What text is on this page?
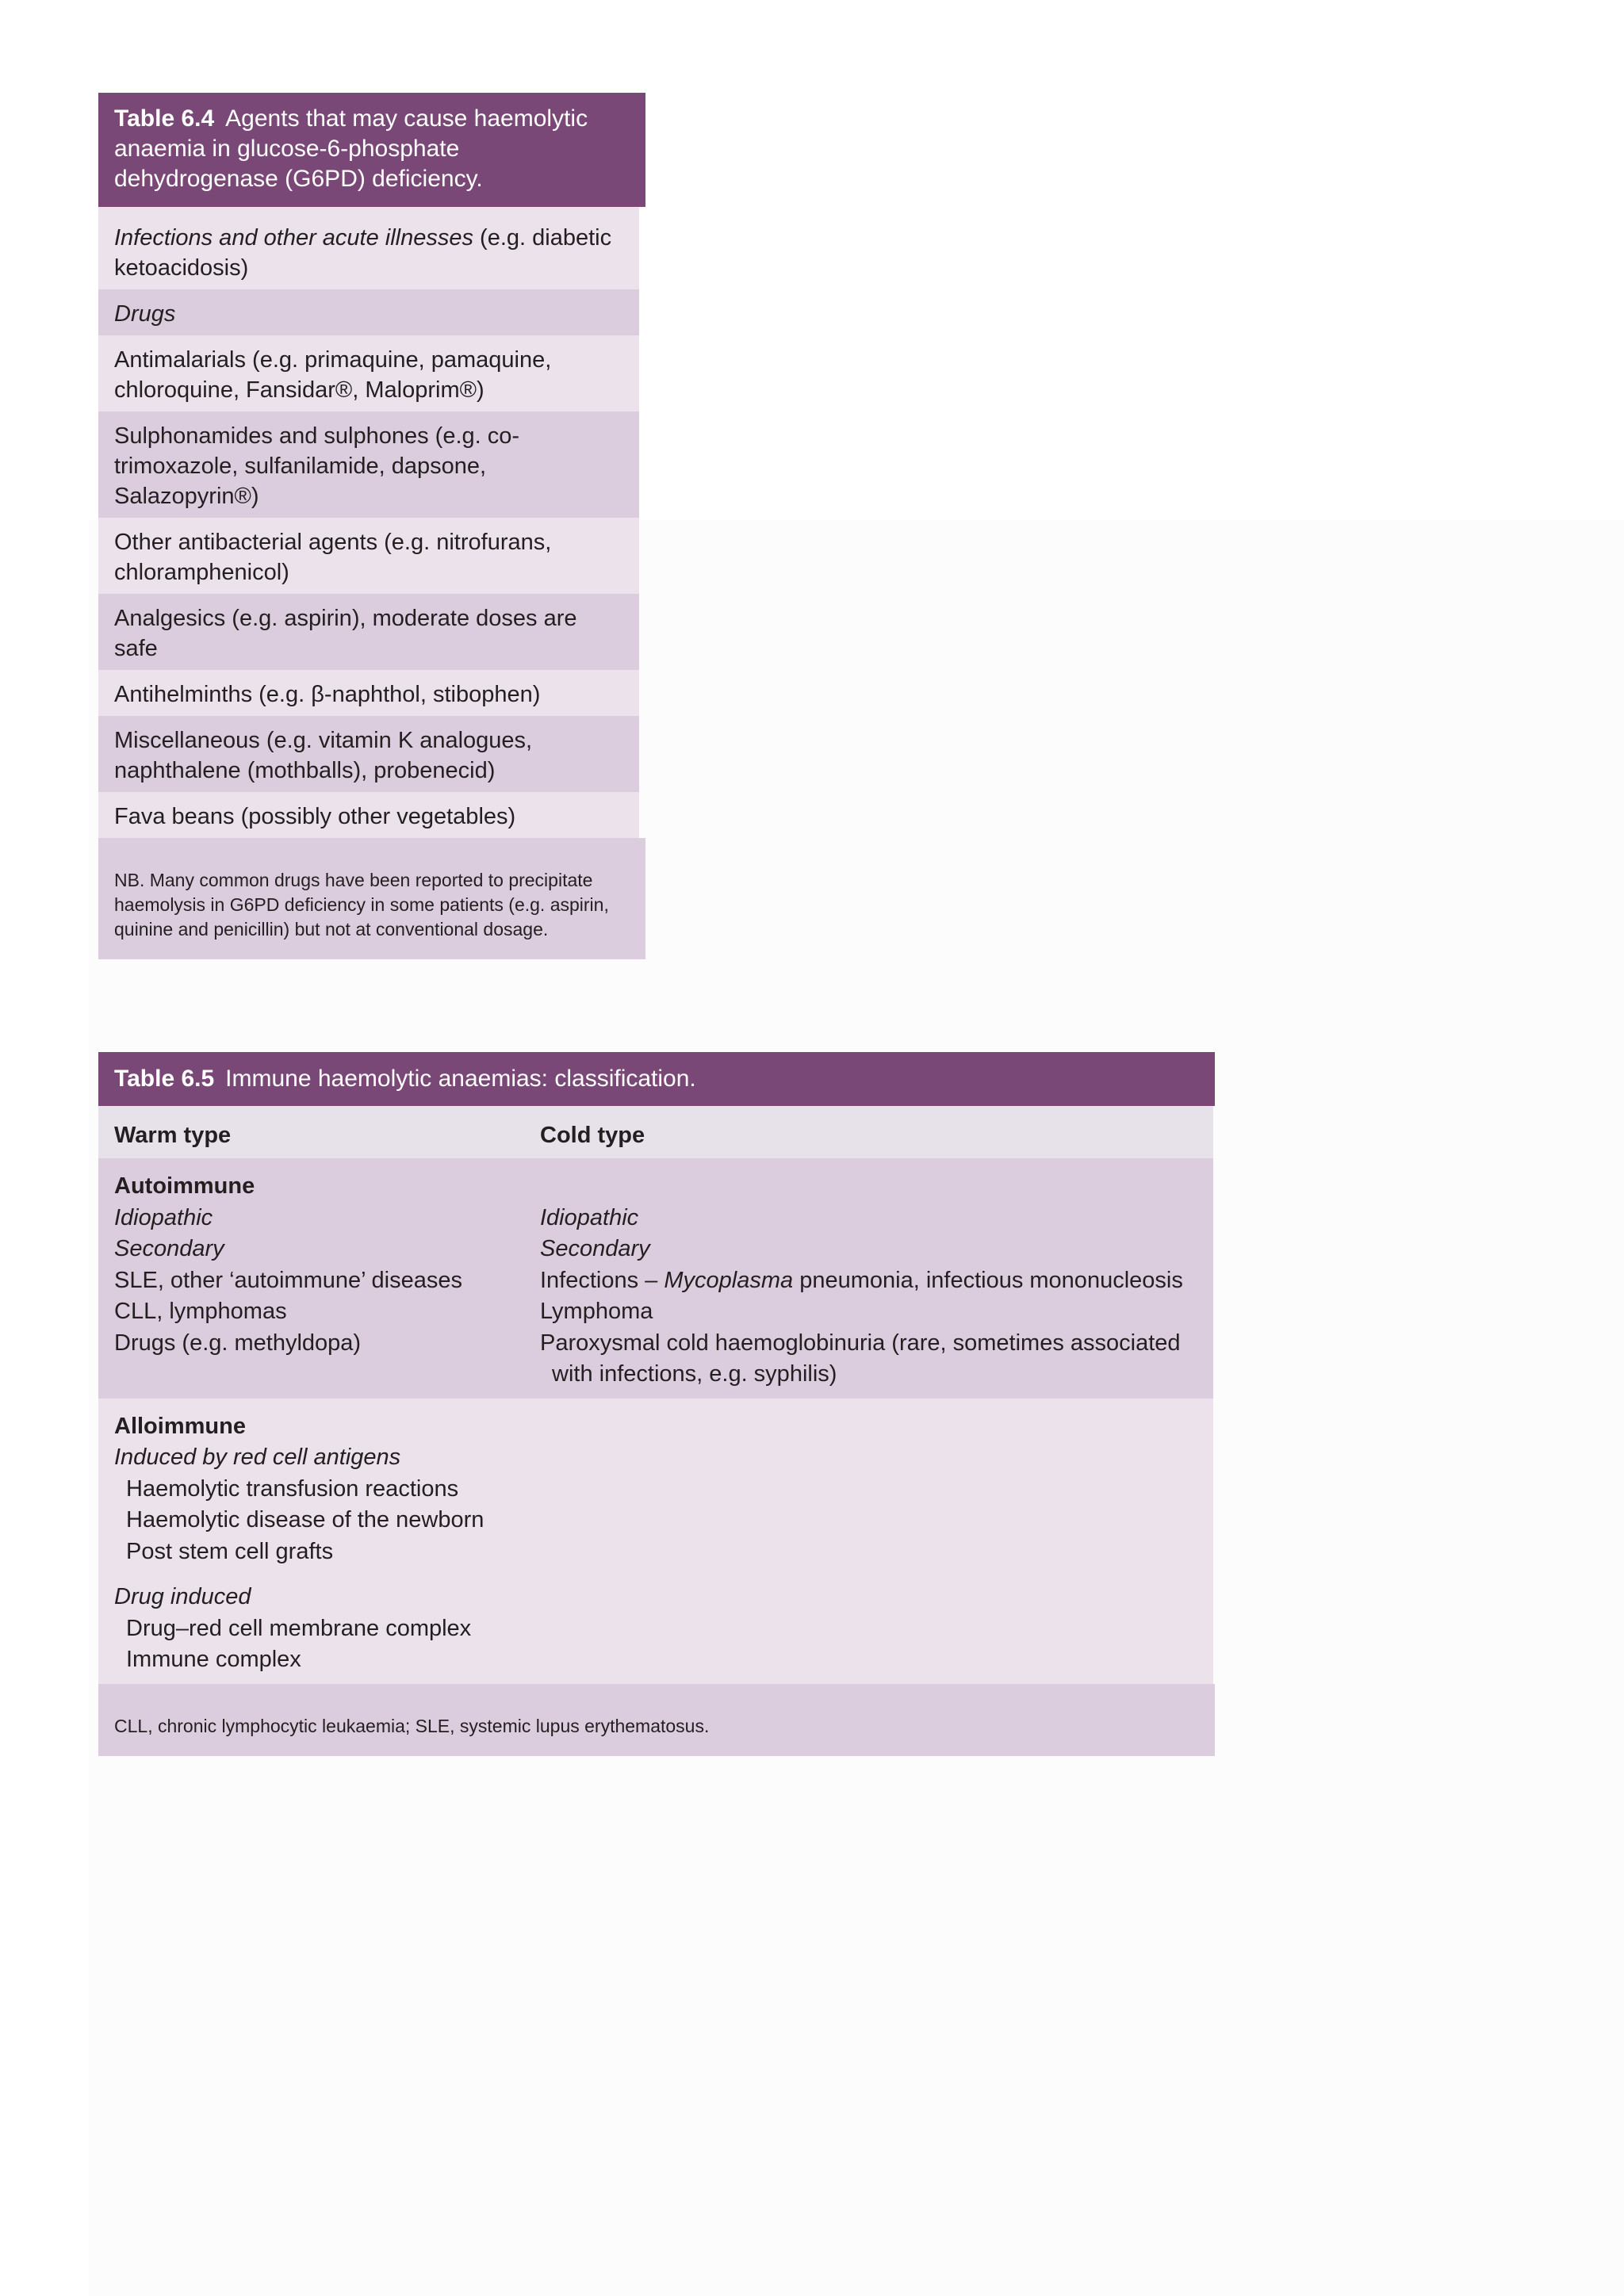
Table 6.4 Agents that may cause haemolytic anaemia in glucose-6-phosphate dehydrogenase (G6PD) deficiency.
Infections and other acute illnesses (e.g. diabetic ketoacidosis)
Drugs
Antimalarials (e.g. primaquine, pamaquine, chloroquine, Fansidar®, Maloprim®)
Sulphonamides and sulphones (e.g. co-trimoxazole, sulfanilamide, dapsone, Salazopyrin®)
Other antibacterial agents (e.g. nitrofurans, chloramphenicol)
Analgesics (e.g. aspirin), moderate doses are safe
Antihelminths (e.g. β-naphthol, stibophen)
Miscellaneous (e.g. vitamin K analogues, naphthalene (mothballs), probenecid)
Fava beans (possibly other vegetables)
NB. Many common drugs have been reported to precipitate haemolysis in G6PD deficiency in some patients (e.g. aspirin, quinine and penicillin) but not at conventional dosage.
Table 6.5 Immune haemolytic anaemias: classification.
Warm type	Cold type
Autoimmune
Idiopathic
Secondary
SLE, other ‘autoimmune’ diseases
CLL, lymphomas
Drugs (e.g. methyldopa)

Idiopathic
Secondary
Infections – Mycoplasma pneumonia, infectious mononucleosis
Lymphoma
Paroxysmal cold haemoglobinuria (rare, sometimes associated
with infections, e.g. syphilis)
Alloimmune
Induced by red cell antigens
Haemolytic transfusion reactions
Haemolytic disease of the newborn
Post stem cell grafts
Drug induced
Drug–red cell membrane complex
Immune complex
CLL, chronic lymphocytic leukaemia; SLE, systemic lupus erythematosus.
